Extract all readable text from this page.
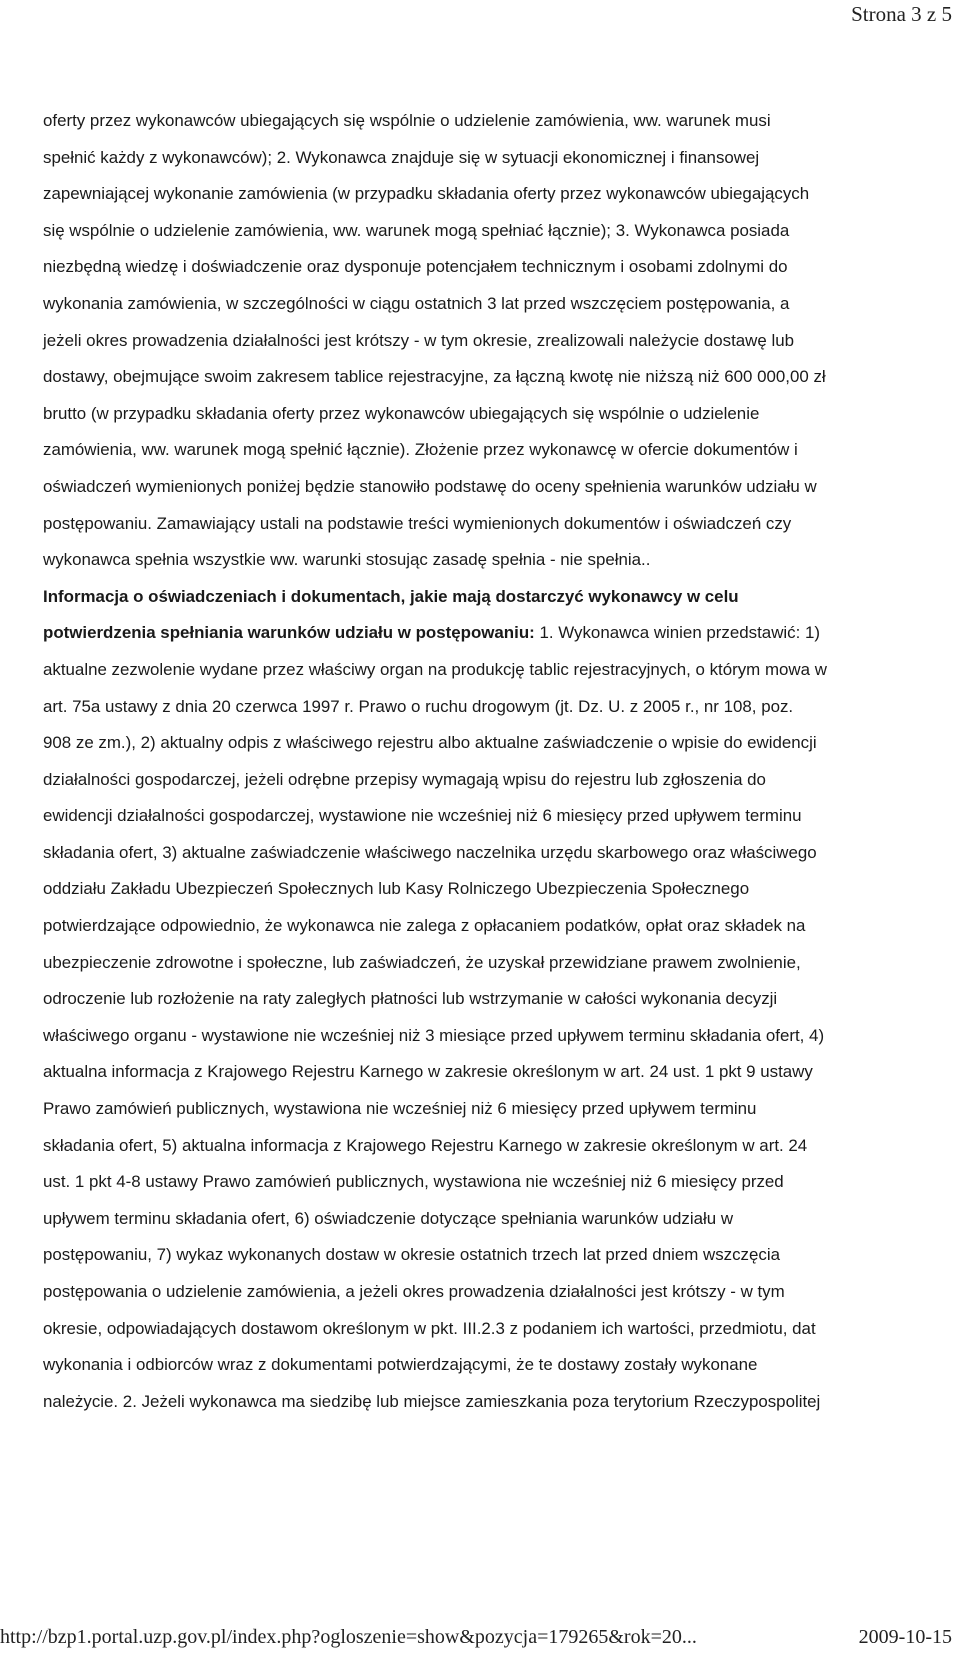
Strona 3 z 5
oferty przez wykonawców ubiegających się wspólnie o udzielenie zamówienia, ww. warunek musi
spełnić każdy z wykonawców); 2. Wykonawca znajduje się w sytuacji ekonomicznej i finansowej
zapewniającej wykonanie zamówienia (w przypadku składania oferty przez wykonawców ubiegających
się wspólnie o udzielenie zamówienia, ww. warunek mogą spełniać łącznie); 3. Wykonawca posiada
niezbędną wiedzę i doświadczenie oraz dysponuje potencjałem technicznym i osobami zdolnymi do
wykonania zamówienia, w szczególności w ciągu ostatnich 3 lat przed wszczęciem postępowania, a
jeżeli okres prowadzenia działalności jest krótszy - w tym okresie, zrealizowali należycie dostawę lub
dostawy, obejmujące swoim zakresem tablice rejestracyjne, za łączną kwotę nie niższą niż 600 000,00 zł
brutto (w przypadku składania oferty przez wykonawców ubiegających się wspólnie o udzielenie
zamówienia, ww. warunek mogą spełnić łącznie). Złożenie przez wykonawcę w ofercie dokumentów i
oświadczeń wymienionych poniżej będzie stanowiło podstawę do oceny spełnienia warunków udziału w
postępowaniu. Zamawiający ustali na podstawie treści wymienionych dokumentów i oświadczeń czy
wykonawca spełnia wszystkie ww. warunki stosując zasadę spełnia - nie spełnia..
Informacja o oświadczeniach i dokumentach, jakie mają dostarczyć wykonawcy w celu
potwierdzenia spełniania warunków udziału w postępowaniu: 1. Wykonawca winien przedstawić: 1)
aktualne zezwolenie wydane przez właściwy organ na produkcję tablic rejestracyjnych, o którym mowa w
art. 75a ustawy z dnia 20 czerwca 1997 r. Prawo o ruchu drogowym (jt. Dz. U. z 2005 r., nr 108, poz.
908 ze zm.), 2) aktualny odpis z właściwego rejestru albo aktualne zaświadczenie o wpisie do ewidencji
działalności gospodarczej, jeżeli odrębne przepisy wymagają wpisu do rejestru lub zgłoszenia do
ewidencji działalności gospodarczej, wystawione nie wcześniej niż 6 miesięcy przed upływem terminu
składania ofert, 3) aktualne zaświadczenie właściwego naczelnika urzędu skarbowego oraz właściwego
oddziału Zakładu Ubezpieczeń Społecznych lub Kasy Rolniczego Ubezpieczenia Społecznego
potwierdzające odpowiednio, że wykonawca nie zalega z opłacaniem podatków, opłat oraz składek na
ubezpieczenie zdrowotne i społeczne, lub zaświadczeń, że uzyskał przewidziane prawem zwolnienie,
odroczenie lub rozłożenie na raty zaległych płatności lub wstrzymanie w całości wykonania decyzji
właściwego organu - wystawione nie wcześniej niż 3 miesiące przed upływem terminu składania ofert, 4)
aktualna informacja z Krajowego Rejestru Karnego w zakresie określonym w art. 24 ust. 1 pkt 9 ustawy
Prawo zamówień publicznych, wystawiona nie wcześniej niż 6 miesięcy przed upływem terminu
składania ofert, 5) aktualna informacja z Krajowego Rejestru Karnego w zakresie określonym w art. 24
ust. 1 pkt 4-8 ustawy Prawo zamówień publicznych, wystawiona nie wcześniej niż 6 miesięcy przed
upływem terminu składania ofert, 6) oświadczenie dotyczące spełniania warunków udziału w
postępowaniu, 7) wykaz wykonanych dostaw w okresie ostatnich trzech lat przed dniem wszczęcia
postępowania o udzielenie zamówienia, a jeżeli okres prowadzenia działalności jest krótszy - w tym
okresie, odpowiadających dostawom określonym w pkt. III.2.3 z podaniem ich wartości, przedmiotu, dat
wykonania i odbiorców wraz z dokumentami potwierdzającymi, że te dostawy zostały wykonane
należycie. 2. Jeżeli wykonawca ma siedzibę lub miejsce zamieszkania poza terytorium Rzeczypospolitej
http://bzp1.portal.uzp.gov.pl/index.php?ogloszenie=show&pozycja=179265&rok=20...	2009-10-15
